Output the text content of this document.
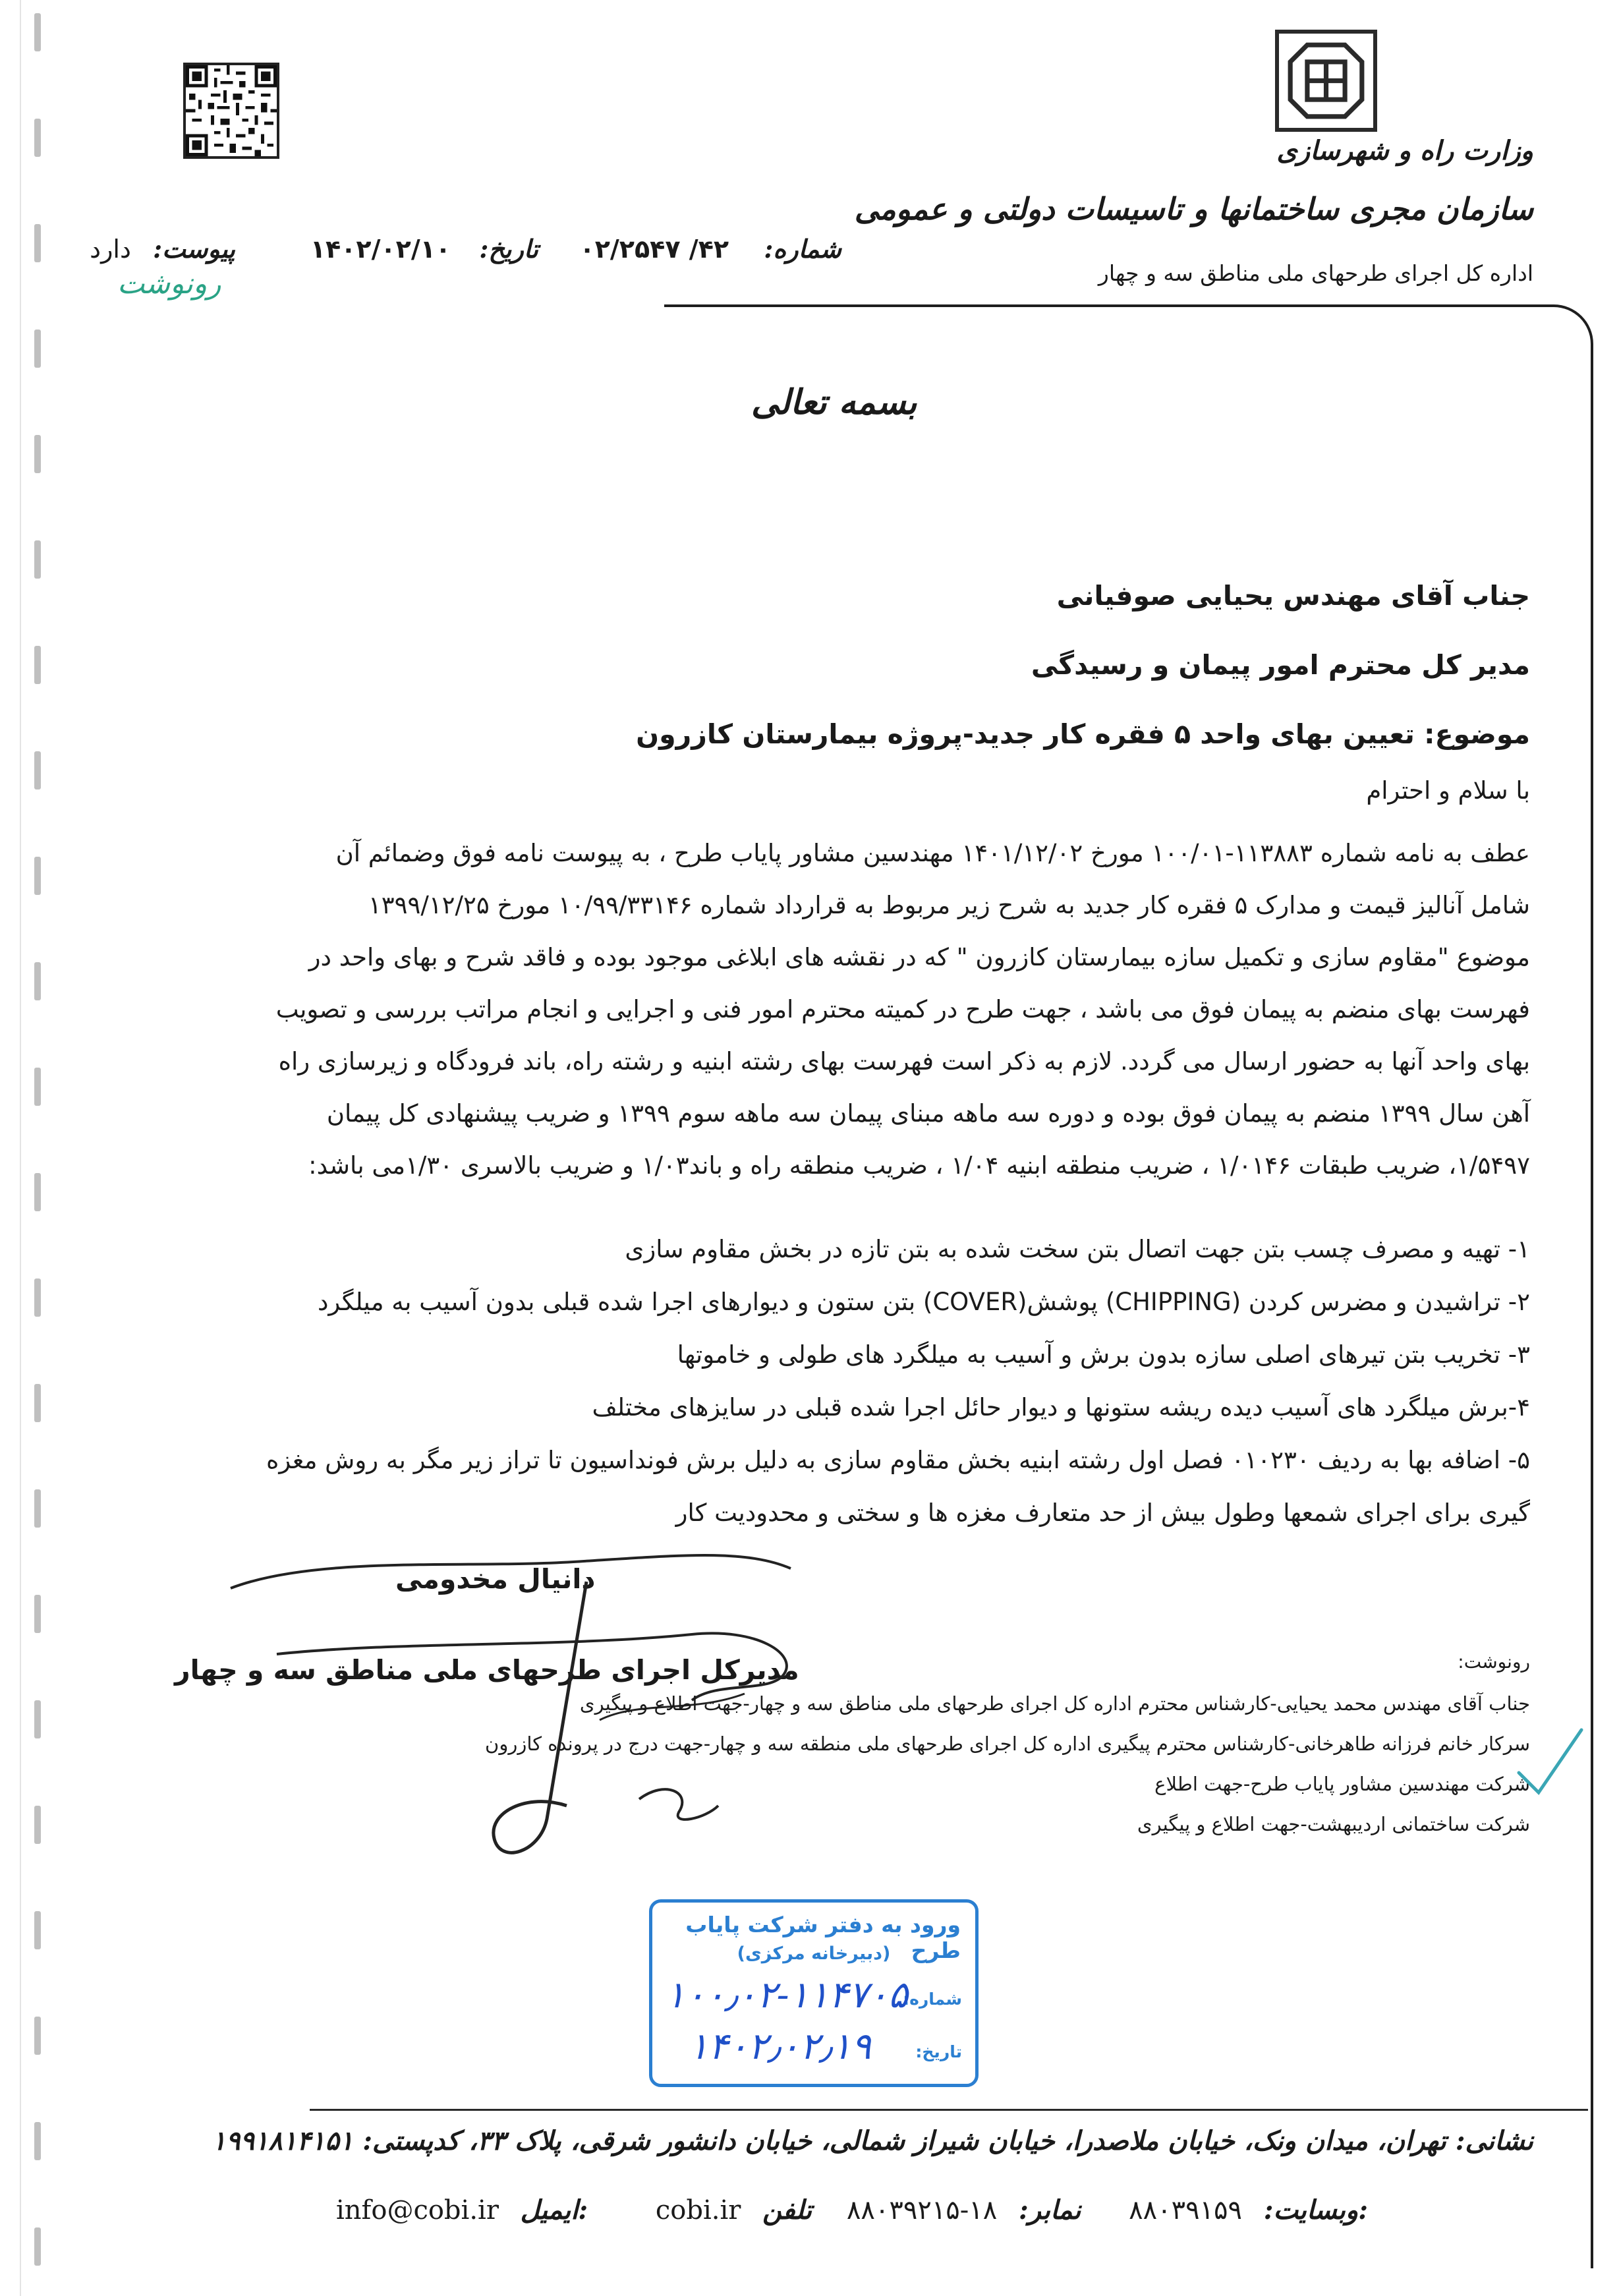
وزارت راه و شهرسازی
سازمان مجری ساختمانها و تاسیسات دولتی و عمومی
اداره کل اجرای طرحهای ملی مناطق سه و چهار
شماره: ۴۲/ ۰۲/۲۵۴۷
تاریخ: ۱۴۰۲/۰۲/۱۰
پیوست: دارد
رونوشت
بسمه تعالی
جناب آقای مهندس یحیایی صوفیانی
مدیر کل محترم امور پیمان و رسیدگی
موضوع: تعیین بهای واحد ۵ فقره کار جدید-پروژه بیمارستان کازرون
با سلام و احترام

عطف به نامه شماره ۱۱۳۸۸۳-۱۰۰/۰۱ مورخ ۱۴۰۱/۱۲/۰۲ مهندسین مشاور پایاب طرح ، به پیوست نامه فوق وضمائم آن

شامل آنالیز قیمت و مدارک ۵ فقره کار جدید به شرح زیر مربوط به قرارداد شماره ۱۰/۹۹/۳۳۱۴۶ مورخ ۱۳۹۹/۱۲/۲۵

موضوع "مقاوم سازی و تکمیل سازه بیمارستان کازرون " که در نقشه های ابلاغی موجود بوده و فاقد شرح و بهای واحد در

فهرست بهای منضم به پیمان فوق می باشد ، جهت طرح در کمیته محترم امور فنی و اجرایی و انجام مراتب بررسی و تصویب

بهای واحد آنها به حضور ارسال می گردد. لازم به ذکر است فهرست بهای رشته ابنیه و رشته راه، باند فرودگاه و زیرسازی راه

آهن سال ۱۳۹۹ منضم به پیمان فوق بوده و دوره سه ماهه مبنای پیمان سه ماهه سوم ۱۳۹۹ و ضریب پیشنهادی کل پیمان

۱/۵۴۹۷، ضریب طبقات ۱/۰۱۴۶ ، ضریب منطقه ابنیه ۱/۰۴ ، ضریب منطقه راه و باند۱/۰۳ و ضریب بالاسری ۱/۳۰می باشد:

۱- تهیه و مصرف چسب بتن جهت اتصال بتن سخت شده به بتن تازه در بخش مقاوم سازی
۲- تراشیدن و مضرس کردن (CHIPPING) پوشش(COVER) بتن ستون و دیوارهای اجرا شده قبلی بدون آسیب به میلگرد
۳- تخریب بتن تیرهای اصلی سازه بدون برش و آسیب به میلگرد های طولی و خاموتها
۴-برش میلگرد های آسیب دیده ریشه ستونها و دیوار حائل اجرا شده قبلی در سایزهای مختلف
۵- اضافه بها به ردیف ۰۱۰۲۳۰ فصل اول رشته ابنیه بخش مقاوم سازی به دلیل برش فونداسیون تا تراز زیر مگر به روش مغزه
گیری برای اجرای شمعها وطول بیش از حد متعارف مغزه ها و سختی و محدودیت کار
دانیال مخدومی
مدیرکل اجرای طرحهای ملی مناطق سه و چهار	رونوشت:
جناب آقای مهندس محمد یحیایی-کارشناس محترم اداره کل اجرای طرحهای ملی مناطق سه و چهار-جهت اطلاع و پیگیری
سرکار خانم فرزانه طاهرخانی-کارشناس محترم پیگیری اداره کل اجرای طرحهای ملی منطقه سه و چهار-جهت درج در پرونده کازرون
شرکت مهندسین مشاور پایاب طرح-جهت اطلاع
شرکت ساختمانی اردیبهشت-جهت اطلاع و پیگیری
ورود به دفتر شرکت پایاب طرح
(دبیرخانه مرکزی)
شماره:
۱۰۰٫۰۲-۱۱۴۷۰۵
تاریخ:
۱۴۰۲٫۰۲٫۱۹
نشانی: تهران، میدان ونک، خیابان ملاصدرا، خیابان شیراز شمالی، خیابان دانشور شرقی، پلاک ۳۳، کدپستی: ۱۹۹۱۸۱۴۱۵۱
info@cobi.ir ایمیل:	cobi.ir	وبسایت: ۸۸۰۳۹۱۵۹ نمابر: ۱۸-۸۸۰۳۹۲۱۵ تلفن:
